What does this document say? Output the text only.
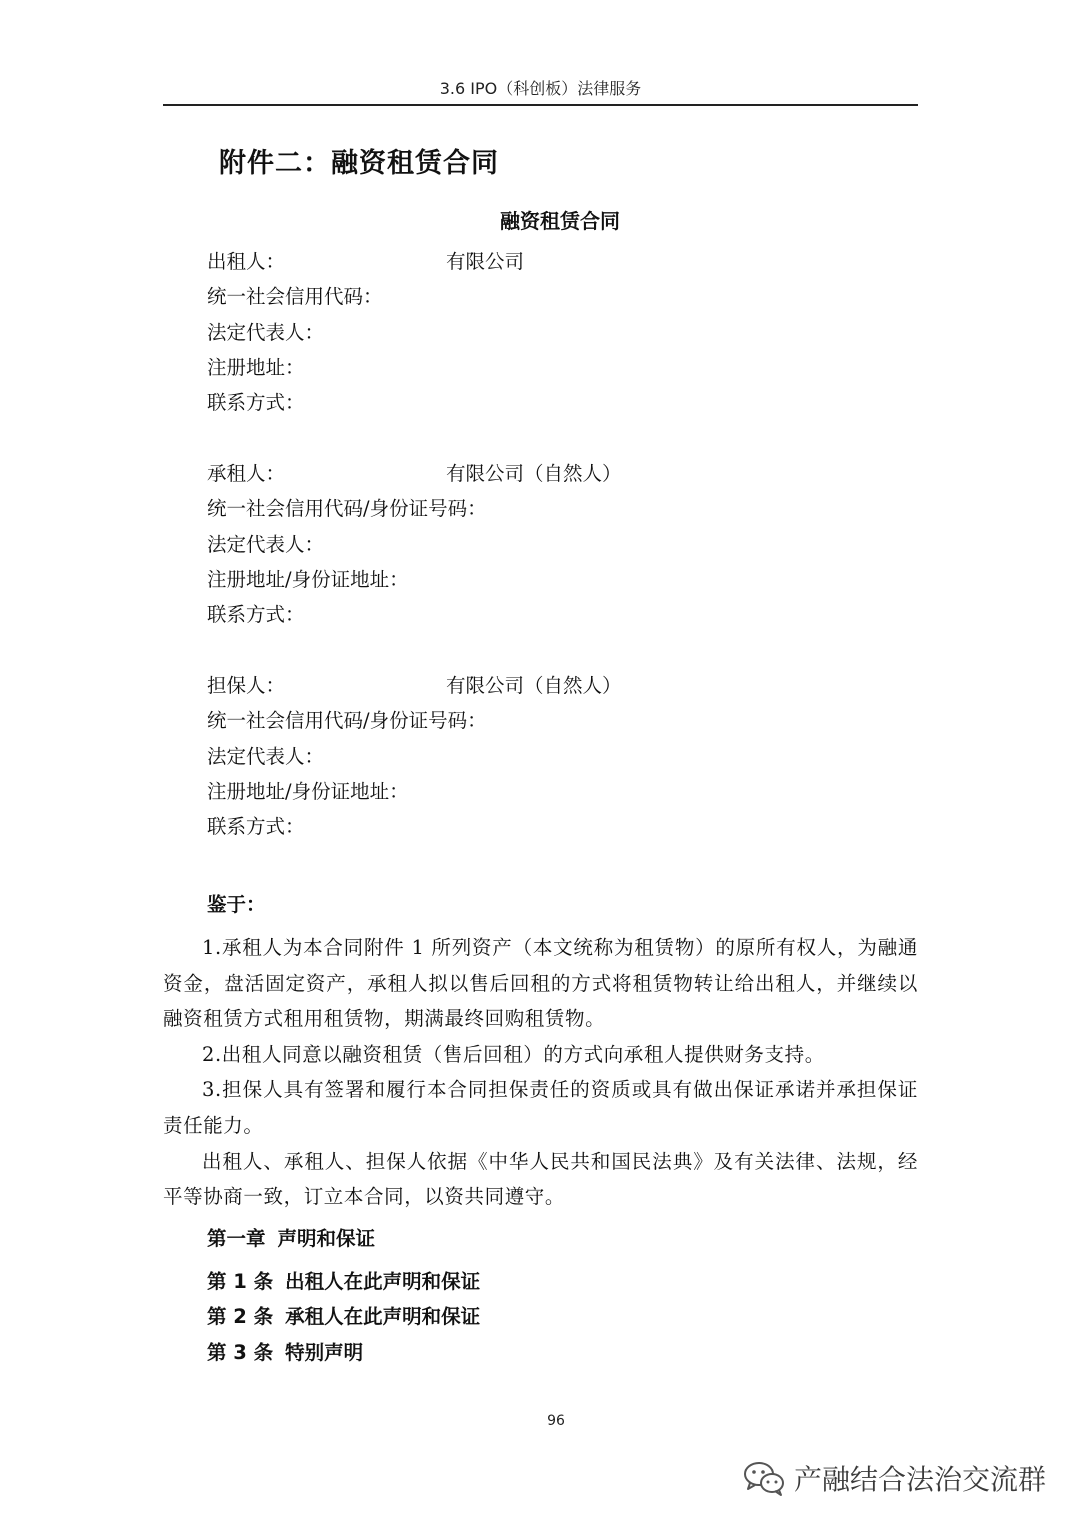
3.6 IPO（科创板）法律服务
附件二：融资租赁合同
融资租赁合同
出租人：	有限公司
统一社会信用代码：
法定代表人：
注册地址：
联系方式：
承租人：	有限公司（自然人）
统一社会信用代码/身份证号码：
法定代表人：
注册地址/身份证地址：
联系方式：
担保人：	有限公司（自然人）
统一社会信用代码/身份证号码：
法定代表人：
注册地址/身份证地址：
联系方式：
鉴于：

1.承租人为本合同附件 1 所列资产（本文统称为租赁物）的原所有权人，为融通资金，盘活固定资产，承租人拟以售后回租的方式将租赁物转让给出租人，并继续以融资租赁方式租用租赁物，期满最终回购租赁物。

2.出租人同意以融资租赁（售后回租）的方式向承租人提供财务支持。

3.担保人具有签署和履行本合同担保责任的资质或具有做出保证承诺并承担保证责任能力。

出租人、承租人、担保人依据《中华人民共和国民法典》及有关法律、法规，经平等协商一致，订立本合同，以资共同遵守。

第一章 声明和保证
第 1 条 出租人在此声明和保证
第 2 条 承租人在此声明和保证
第 3 条 特别声明
96
产融结合法治交流群
